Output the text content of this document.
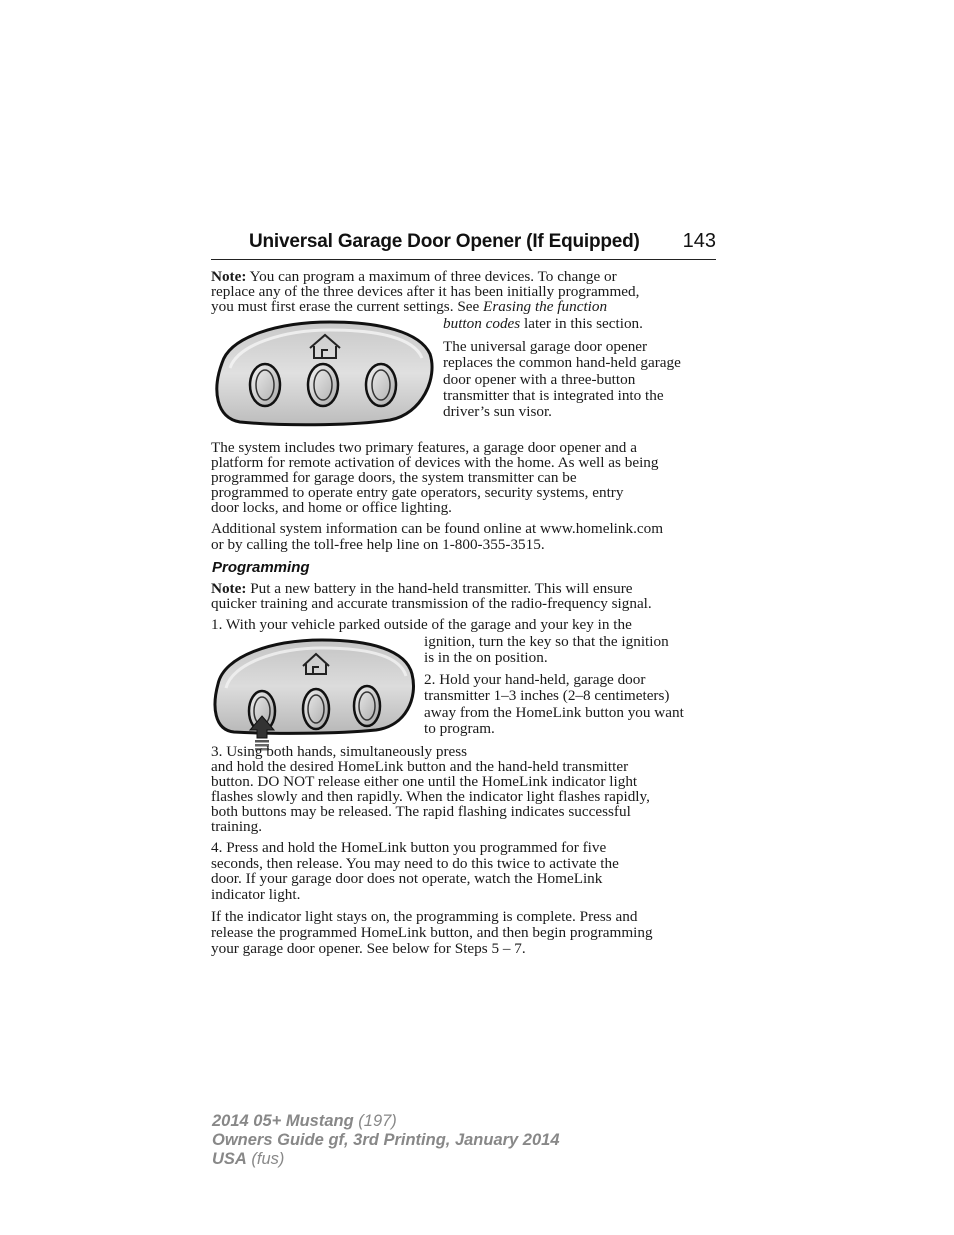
Universal Garage Door Opener (If Equipped) 143
Note: You can program a maximum of three devices. To change or
replace any of the three devices after it has been initially programmed,
you must first erase the current settings. See Erasing the function
button codes later in this section.
The universal garage door opener
replaces the common hand-held garage
door opener with a three-button
transmitter that is integrated into the
driver’s sun visor.
The system includes two primary features, a garage door opener and a
platform for remote activation of devices with the home. As well as being
programmed for garage doors, the system transmitter can be
programmed to operate entry gate operators, security systems, entry
door locks, and home or office lighting.
Additional system information can be found online at www.homelink.com
or by calling the toll-free help line on 1-800-355-3515.
Programming
Note: Put a new battery in the hand-held transmitter. This will ensure
quicker training and accurate transmission of the radio-frequency signal.
1. With your vehicle parked outside of the garage and your key in the
ignition, turn the key so that the ignition
is in the on position.
2. Hold your hand-held, garage door
transmitter 1–3 inches (2–8 centimeters)
away from the HomeLink button you want
to program.
3. Using both hands, simultaneously press
and hold the desired HomeLink button and the hand-held transmitter
button. DO NOT release either one until the HomeLink indicator light
flashes slowly and then rapidly. When the indicator light flashes rapidly,
both buttons may be released. The rapid flashing indicates successful
training.
4. Press and hold the HomeLink button you programmed for five
seconds, then release. You may need to do this twice to activate the
door. If your garage door does not operate, watch the HomeLink
indicator light.
If the indicator light stays on, the programming is complete. Press and
release the programmed HomeLink button, and then begin programming
your garage door opener. See below for Steps 5 – 7.
2014 05+ Mustang (197)
Owners Guide gf, 3rd Printing, January 2014
USA (fus)
